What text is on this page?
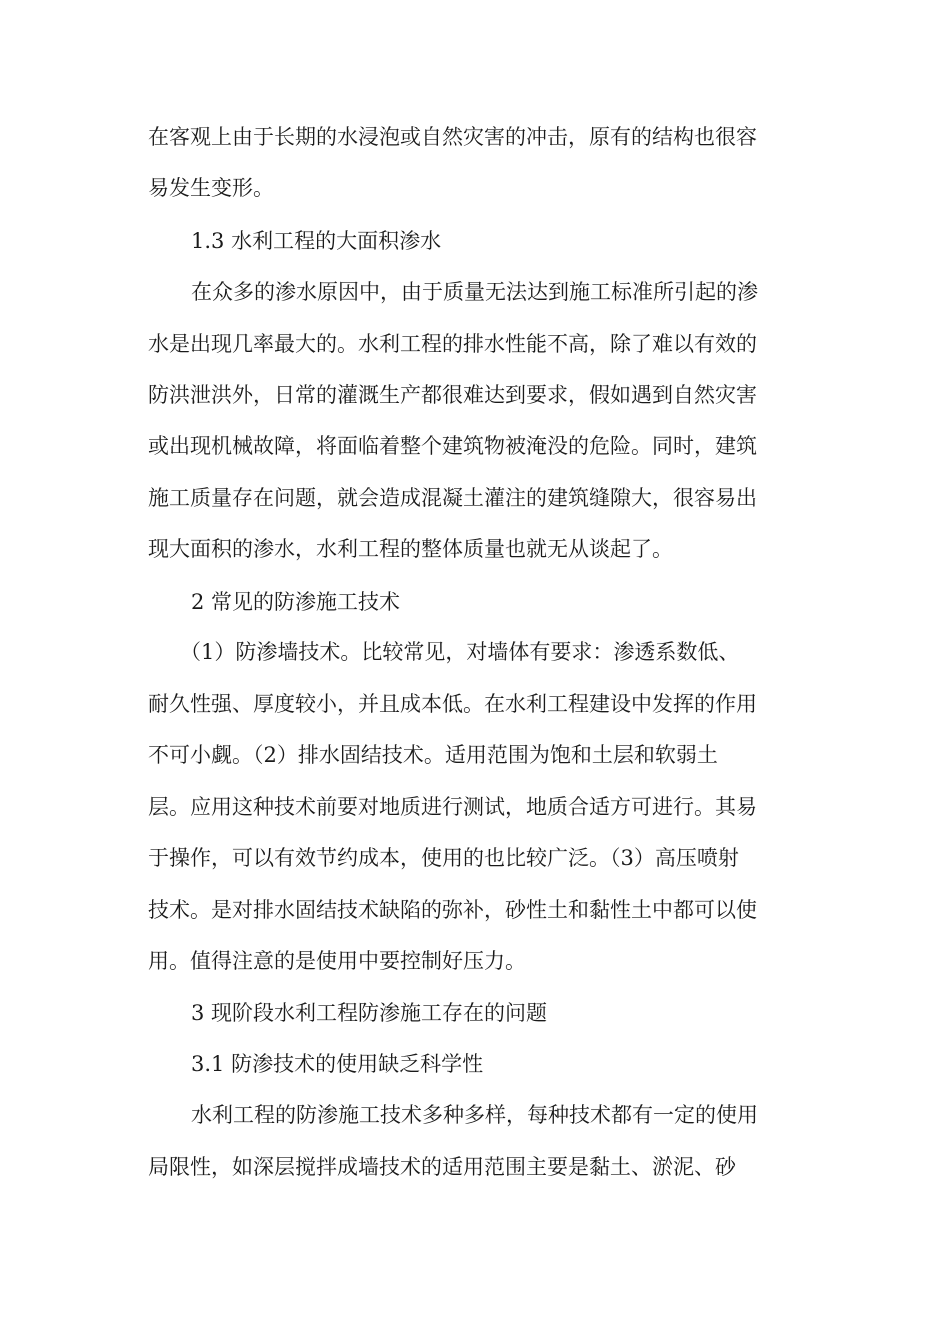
在客观上由于长期的水浸泡或自然灾害的冲击，原有的结构也很容
易发生变形。
1.3 水利工程的大面积渗水
在众多的渗水原因中，由于质量无法达到施工标准所引起的渗
水是出现几率最大的。水利工程的排水性能不高，除了难以有效的
防洪泄洪外，日常的灌溉生产都很难达到要求，假如遇到自然灾害
或出现机械故障，将面临着整个建筑物被淹没的危险。同时，建筑
施工质量存在问题，就会造成混凝土灌注的建筑缝隙大，很容易出
现大面积的渗水，水利工程的整体质量也就无从谈起了。
2 常见的防渗施工技术
（1）防渗墙技术。比较常见，对墙体有要求：渗透系数低、
耐久性强、厚度较小，并且成本低。在水利工程建设中发挥的作用
不可小觑。（2）排水固结技术。适用范围为饱和土层和软弱土
层。应用这种技术前要对地质进行测试，地质合适方可进行。其易
于操作，可以有效节约成本，使用的也比较广泛。（3）高压喷射
技术。是对排水固结技术缺陷的弥补，砂性土和黏性土中都可以使
用。值得注意的是使用中要控制好压力。
3 现阶段水利工程防渗施工存在的问题
3.1 防渗技术的使用缺乏科学性
水利工程的防渗施工技术多种多样，每种技术都有一定的使用
局限性，如深层搅拌成墙技术的适用范围主要是黏土、淤泥、砂
